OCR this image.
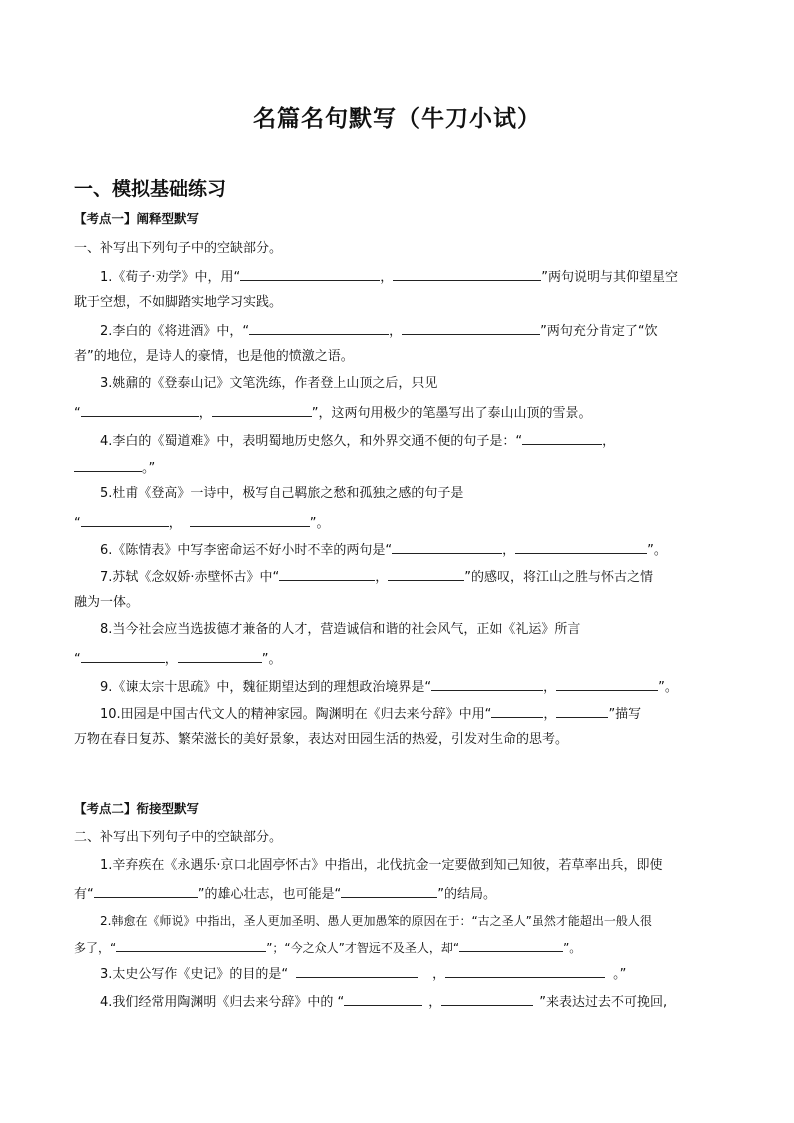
名篇名句默写（牛刀小试）
一、模拟基础练习
【考点一】阐释型默写
一、补写出下列句子中的空缺部分。
1.《荀子·劝学》中，用“	，	”两句说明与其仰望星空
耽于空想，不如脚踏实地学习实践。
2.李白的《将进酒》中，“	，	”两句充分肯定了“饮
者”的地位，是诗人的豪情，也是他的愤激之语。
3.姚鼐的《登泰山记》文笔洗练，作者登上山顶之后，只见
“	，	”，这两句用极少的笔墨写出了泰山山顶的雪景。
4.李白的《蜀道难》中，表明蜀地历史悠久，和外界交通不便的句子是：“	，
。”
5.杜甫《登高》一诗中，极写自己羁旅之愁和孤独之感的句子是
“	，	”。
6.《陈情表》中写李密命运不好小时不幸的两句是“	，	”。
7.苏轼《念奴娇·赤壁怀古》中“	，	”的感叹，将江山之胜与怀古之情
融为一体。
8.当今社会应当选拔德才兼备的人才，营造诚信和谐的社会风气，正如《礼运》所言
“	，	”。
9.《谏太宗十思疏》中，魏征期望达到的理想政治境界是“	，	”。
10.田园是中国古代文人的精神家园。陶渊明在《归去来兮辞》中用“	，	”描写
万物在春日复苏、繁荣滋长的美好景象，表达对田园生活的热爱，引发对生命的思考。
【考点二】衔接型默写
二、补写出下列句子中的空缺部分。
1.辛弃疾在《永遇乐·京口北固亭怀古》中指出，北伐抗金一定要做到知己知彼，若草率出兵，即使
有“	”的雄心壮志，也可能是“	”的结局。
2.韩愈在《师说》中指出，圣人更加圣明、愚人更加愚笨的原因在于：“古之圣人”虽然才能超出一般人很
多了，“	”；“今之众人”才智远不及圣人，却“	”。
3.太史公写作《史记》的目的是“	，	。”
4.我们经常用陶渊明《归去来兮辞》中的 “	，	”来表达过去不可挽回,
